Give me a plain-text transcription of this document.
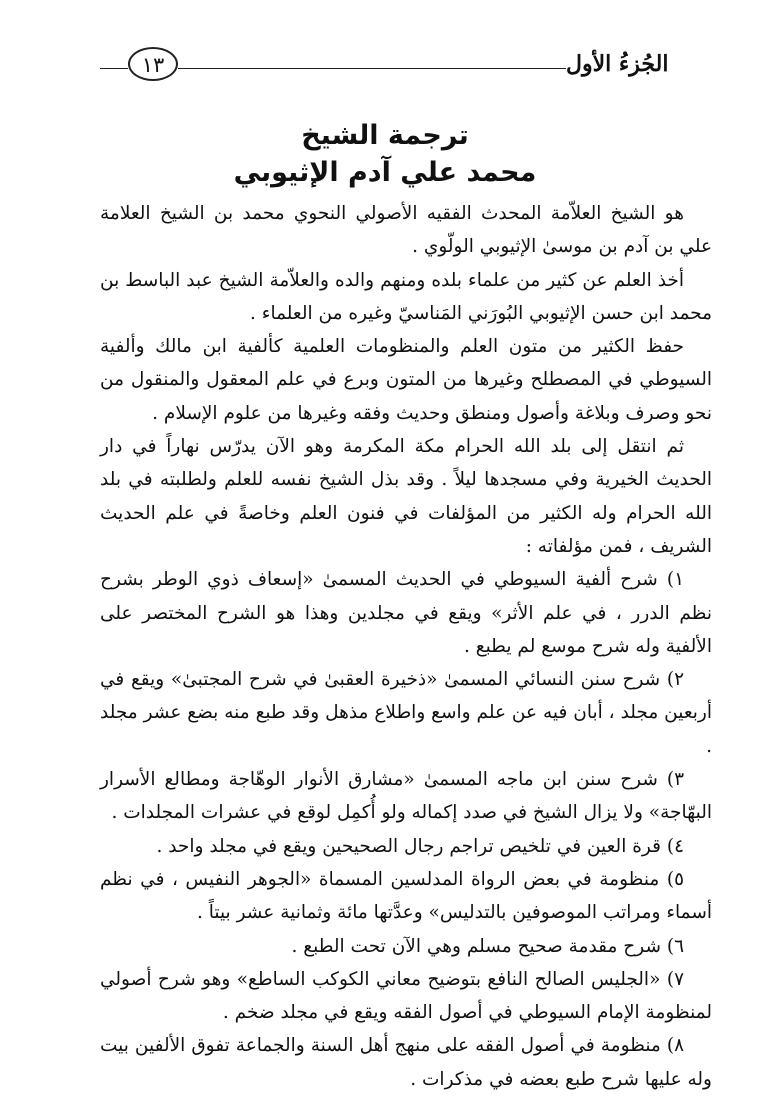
١٣	الجُزءُ الأول
ترجمة الشيخ
محمد علي آدم الإثيوبي

هو الشيخ العلاّمة المحدث الفقيه الأصولي النحوي محمد بن الشيخ العلامة علي بن آدم بن موسىٰ الإثيوبي الولّوي .

أخذ العلم عن كثير من علماء بلده ومنهم والده والعلاّمة الشيخ عبد الباسط بن محمد ابن حسن الإثيوبي البُورَني المَناسيّ وغيره من العلماء .

حفظ الكثير من متون العلم والمنظومات العلمية كألفية ابن مالك وألفية السيوطي في المصطلح وغيرها من المتون وبرع في علم المعقول والمنقول من نحو وصرف وبلاغة وأصول ومنطق وحديث وفقه وغيرها من علوم الإسلام .

ثم انتقل إلى بلد الله الحرام مكة المكرمة وهو الآن يدرّس نهاراً في دار الحديث الخيرية وفي مسجدها ليلاً . وقد بذل الشيخ نفسه للعلم ولطلبته في بلد الله الحرام وله الكثير من المؤلفات في فنون العلم وخاصةً في علم الحديث الشريف ، فمن مؤلفاته :

١) شرح ألفية السيوطي في الحديث المسمىٰ «إسعاف ذوي الوطر بشرح نظم الدرر ، في علم الأثر» ويقع في مجلدين وهذا هو الشرح المختصر على الألفية وله شرح موسع لم يطبع .

٢) شرح سنن النسائي المسمىٰ «ذخيرة العقبىٰ في شرح المجتبىٰ» ويقع في أربعين مجلد ، أبان فيه عن علم واسع واطلاع مذهل وقد طبع منه بضع عشر مجلد .

٣) شرح سنن ابن ماجه المسمىٰ «مشارق الأنوار الوهّاجة ومطالع الأسرار البهّاجة» ولا يزال الشيخ في صدد إكماله ولو أُكمِل لوقع في عشرات المجلدات .

٤) قرة العين في تلخيص تراجم رجال الصحيحين ويقع في مجلد واحد .

٥) منظومة في بعض الرواة المدلسين المسماة «الجوهر النفيس ، في نظم أسماء ومراتب الموصوفين بالتدليس» وعدَّتها مائة وثمانية عشر بيتاً .

٦) شرح مقدمة صحيح مسلم وهي الآن تحت الطبع .

٧) «الجليس الصالح النافع بتوضيح معاني الكوكب الساطع» وهو شرح أصولي لمنظومة الإمام السيوطي في أصول الفقه ويقع في مجلد ضخم .

٨) منظومة في أصول الفقه على منهج أهل السنة والجماعة تفوق الألفين بيت وله عليها شرح طبع بعضه في مذكرات .
